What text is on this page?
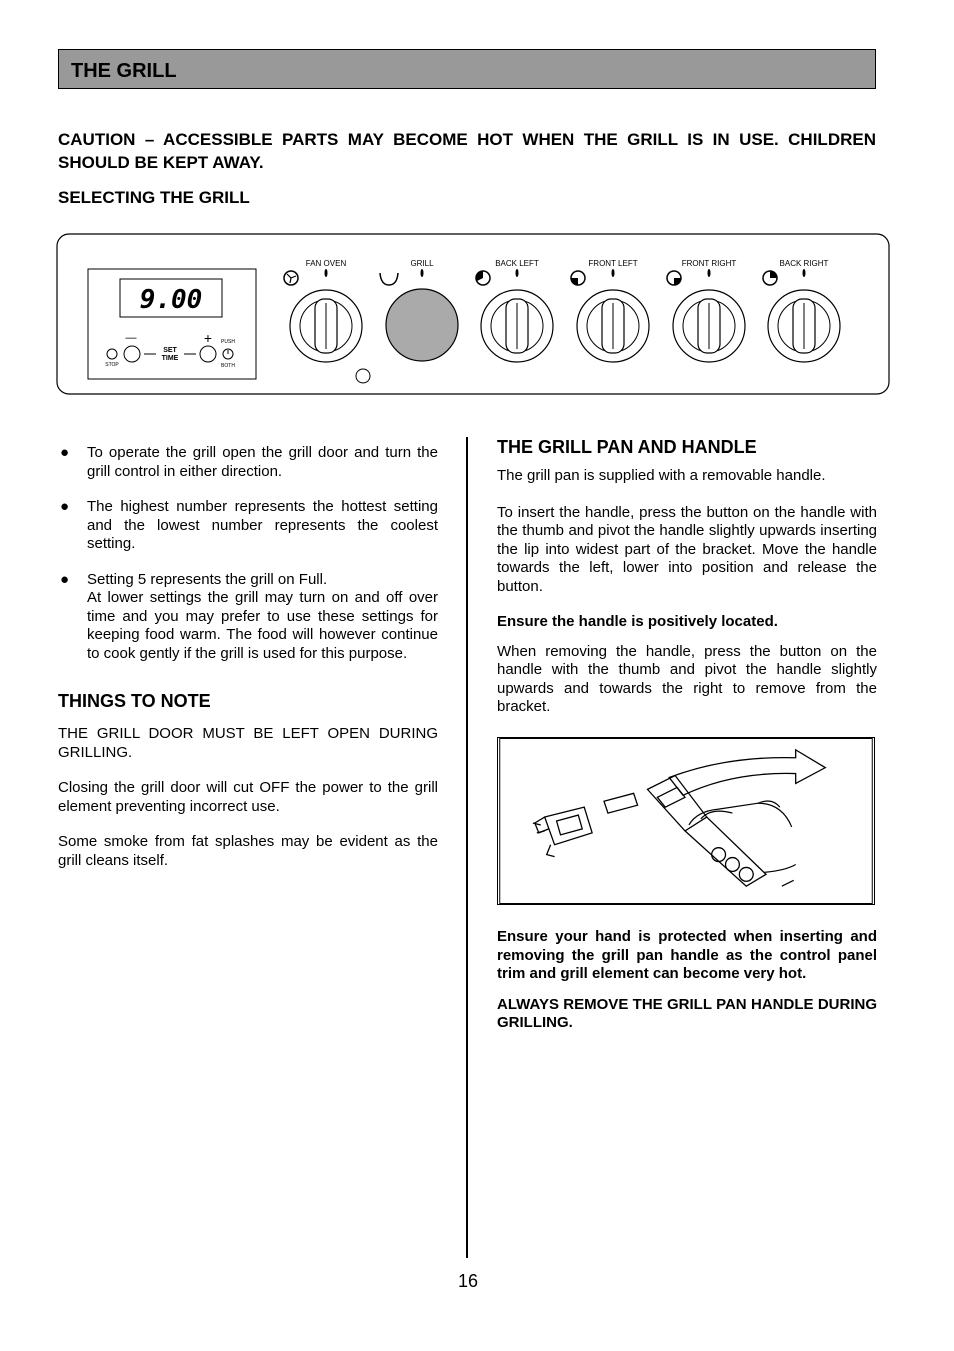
THE GRILL
CAUTION – ACCESSIBLE PARTS MAY BECOME HOT WHEN THE GRILL IS IN USE. CHILDREN SHOULD BE KEPT AWAY.
SELECTING THE GRILL
9.00
—	+
STOP
SET
TIME
PUSH
BOTH
FAN OVEN	GRILL	BACK LEFT	FRONT LEFT	FRONT RIGHT	BACK RIGHT
● To operate the grill open the grill door and turn the grill control in either direction.

● The highest number represents the hottest setting and the lowest number represents the coolest setting.

● Setting 5 represents the grill on Full.

At lower settings the grill may turn on and off over time and you may prefer to use these settings for keeping food warm. The food will however continue to cook gently if the grill is used for this purpose.

THINGS TO NOTE

THE GRILL DOOR MUST BE LEFT OPEN DURING GRILLING.

Closing the grill door will cut OFF the power to the grill element preventing incorrect use.

Some smoke from fat splashes may be evident as the grill cleans itself.

THE GRILL PAN AND HANDLE

The grill pan is supplied with a removable handle.

To insert the handle, press the button on the handle with the thumb and pivot the handle slightly upwards inserting the lip into widest part of the bracket. Move the handle towards the left, lower into position and release the button.

Ensure the handle is positively located.

When removing the handle, press the button on the handle with the thumb and pivot the handle slightly upwards and towards the right to remove from the bracket.

Ensure your hand is protected when inserting and removing the grill pan handle as the control panel trim and grill element can become very hot.

ALWAYS REMOVE THE GRILL PAN HANDLE DURING GRILLING.

16
